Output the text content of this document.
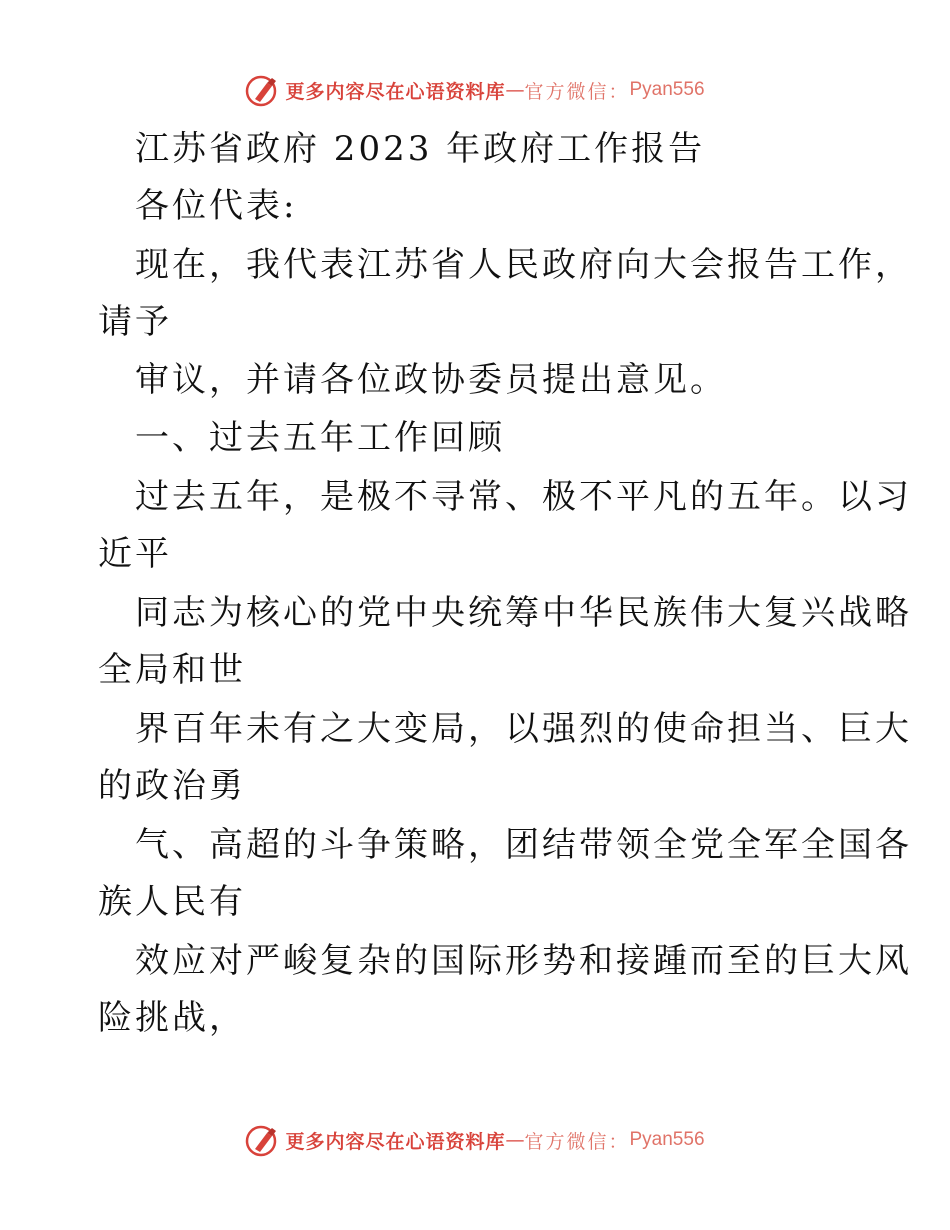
更多内容尽在心语资料库 — 官方微信： Pyan556
江苏省政府 2023 年政府工作报告
各位代表:
现在，我代表江苏省人民政府向大会报告工作，
请予
审议，并请各位政协委员提出意见。
一、过去五年工作回顾
过去五年，是极不寻常、极不平凡的五年。以习
近平
同志为核心的党中央统筹中华民族伟大复兴战略
全局和世
界百年未有之大变局，以强烈的使命担当、巨大
的政治勇
气、高超的斗争策略，团结带领全党全军全国各
族人民有
效应对严峻复杂的国际形势和接踵而至的巨大风
险挑战，
更多内容尽在心语资料库 — 官方微信： Pyan556
